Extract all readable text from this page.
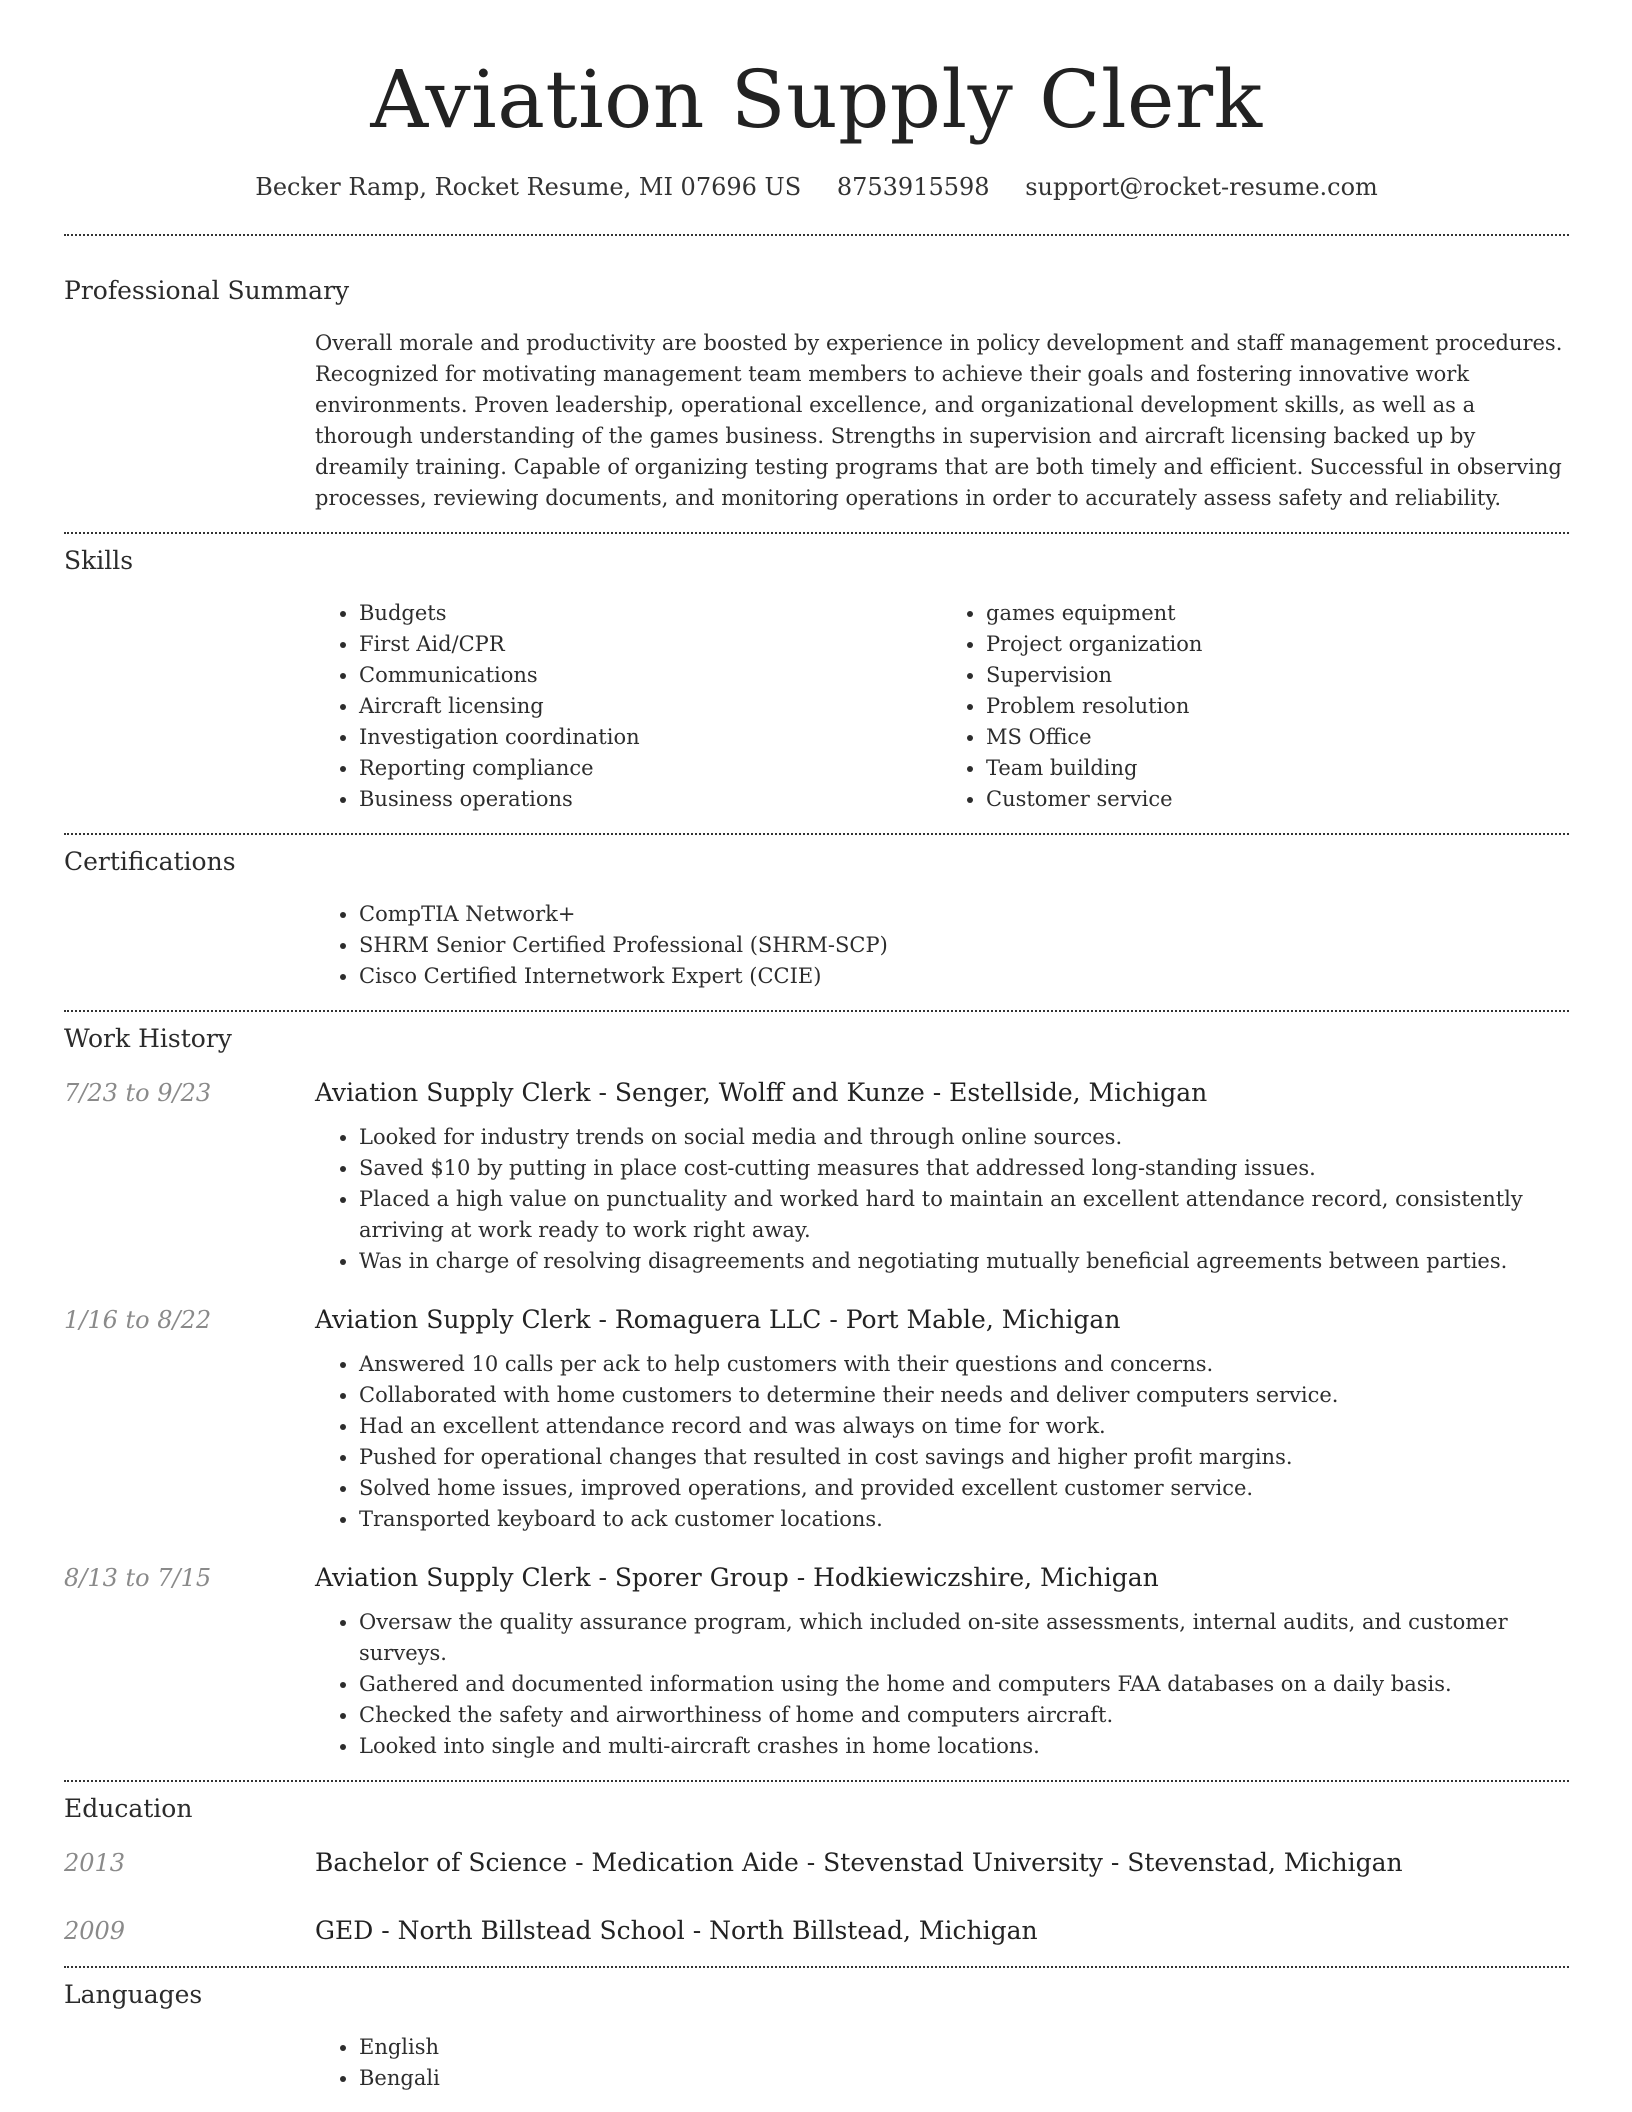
Aviation Supply Clerk
Becker Ramp, Rocket Resume, MI 07696 US 8753915598 support@rocket-resume.com
Professional Summary
Overall morale and productivity are boosted by experience in policy development and staff management procedures. Recognized for motivating management team members to achieve their goals and fostering innovative work environments. Proven leadership, operational excellence, and organizational development skills, as well as a thorough understanding of the games business. Strengths in supervision and aircraft licensing backed up by dreamily training. Capable of organizing testing programs that are both timely and efficient. Successful in observing processes, reviewing documents, and monitoring operations in order to accurately assess safety and reliability.
Skills
• Budgets
• First Aid/CPR
• Communications
• Aircraft licensing
• Investigation coordination
• Reporting compliance
• Business operations
• games equipment
• Project organization
• Supervision
• Problem resolution
• MS Office
• Team building
• Customer service
Certifications
• CompTIA Network+
• SHRM Senior Certified Professional (SHRM-SCP)
• Cisco Certified Internetwork Expert (CCIE)
Work History
7/23 to 9/23	Aviation Supply Clerk - Senger, Wolff and Kunze - Estellside, Michigan
• Looked for industry trends on social media and through online sources.
• Saved $10 by putting in place cost-cutting measures that addressed long-standing issues.
• Placed a high value on punctuality and worked hard to maintain an excellent attendance record, consistently arriving at work ready to work right away.
• Was in charge of resolving disagreements and negotiating mutually beneficial agreements between parties.
1/16 to 8/22	Aviation Supply Clerk - Romaguera LLC - Port Mable, Michigan
• Answered 10 calls per ack to help customers with their questions and concerns.
• Collaborated with home customers to determine their needs and deliver computers service.
• Had an excellent attendance record and was always on time for work.
• Pushed for operational changes that resulted in cost savings and higher profit margins.
• Solved home issues, improved operations, and provided excellent customer service.
• Transported keyboard to ack customer locations.
8/13 to 7/15	Aviation Supply Clerk - Sporer Group - Hodkiewiczshire, Michigan
• Oversaw the quality assurance program, which included on-site assessments, internal audits, and customer surveys.
• Gathered and documented information using the home and computers FAA databases on a daily basis.
• Checked the safety and airworthiness of home and computers aircraft.
• Looked into single and multi-aircraft crashes in home locations.
Education
2013	Bachelor of Science - Medication Aide - Stevenstad University - Stevenstad, Michigan
2009	GED - North Billstead School - North Billstead, Michigan
Languages
• English
• Bengali
